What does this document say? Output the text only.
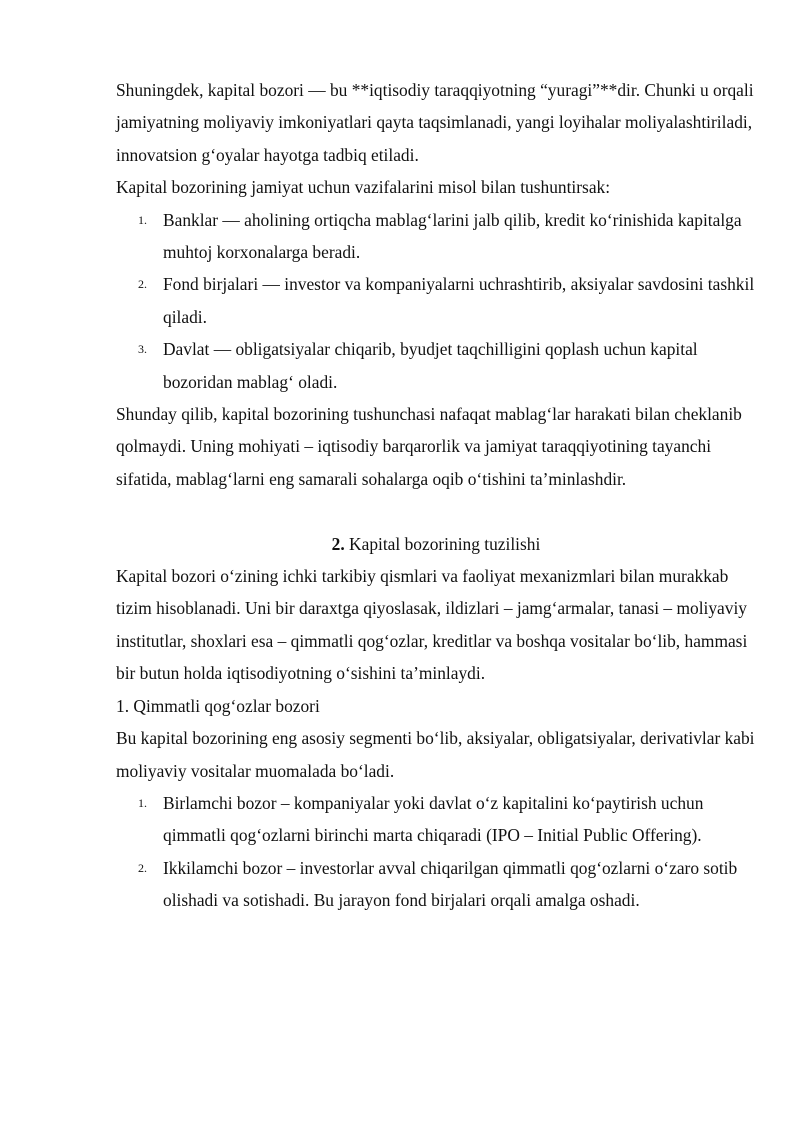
Shuningdek, kapital bozori — bu **iqtisodiy taraqqiyotning “yuragi”**dir. Chunki u orqali jamiyatning moliyaviy imkoniyatlari qayta taqsimlanadi, yangi loyihalar moliyalashtiriladi, innovatsion g‘oyalar hayotga tadbiq etiladi.

Kapital bozorining jamiyat uchun vazifalarini misol bilan tushuntirsak:

1. Banklar — aholining ortiqcha mablag‘larini jalb qilib, kredit ko‘rinishida kapitalga muhtoj korxonalarga beradi.
2. Fond birjalari — investor va kompaniyalarni uchrashtirib, aksiyalar savdosini tashkil qiladi.
3. Davlat — obligatsiyalar chiqarib, byudjet taqchilligini qoplash uchun kapital bozoridan mablag‘ oladi.

Shunday qilib, kapital bozorining tushunchasi nafaqat mablag‘lar harakati bilan cheklanib qolmaydi. Uning mohiyati – iqtisodiy barqarorlik va jamiyat taraqqiyotining tayanchi sifatida, mablag‘larni eng samarali sohalarga oqib o‘tishini ta’minlashdir.

2. Kapital bozorining tuzilishi

Kapital bozori o‘zining ichki tarkibiy qismlari va faoliyat mexanizmlari bilan murakkab tizim hisoblanadi. Uni bir daraxtga qiyoslasak, ildizlari – jamg‘armalar, tanasi – moliyaviy institutlar, shoxlari esa – qimmatli qog‘ozlar, kreditlar va boshqa vositalar bo‘lib, hammasi bir butun holda iqtisodiyotning o‘sishini ta’minlaydi.

1. Qimmatli qog‘ozlar bozori

Bu kapital bozorining eng asosiy segmenti bo‘lib, aksiyalar, obligatsiyalar, derivativlar kabi moliyaviy vositalar muomalada bo‘ladi.

1. Birlamchi bozor – kompaniyalar yoki davlat o‘z kapitalini ko‘paytirish uchun qimmatli qog‘ozlarni birinchi marta chiqaradi (IPO – Initial Public Offering).
2. Ikkilamchi bozor – investorlar avval chiqarilgan qimmatli qog‘ozlarni o‘zaro sotib olishadi va sotishadi. Bu jarayon fond birjalari orqali amalga oshadi.
